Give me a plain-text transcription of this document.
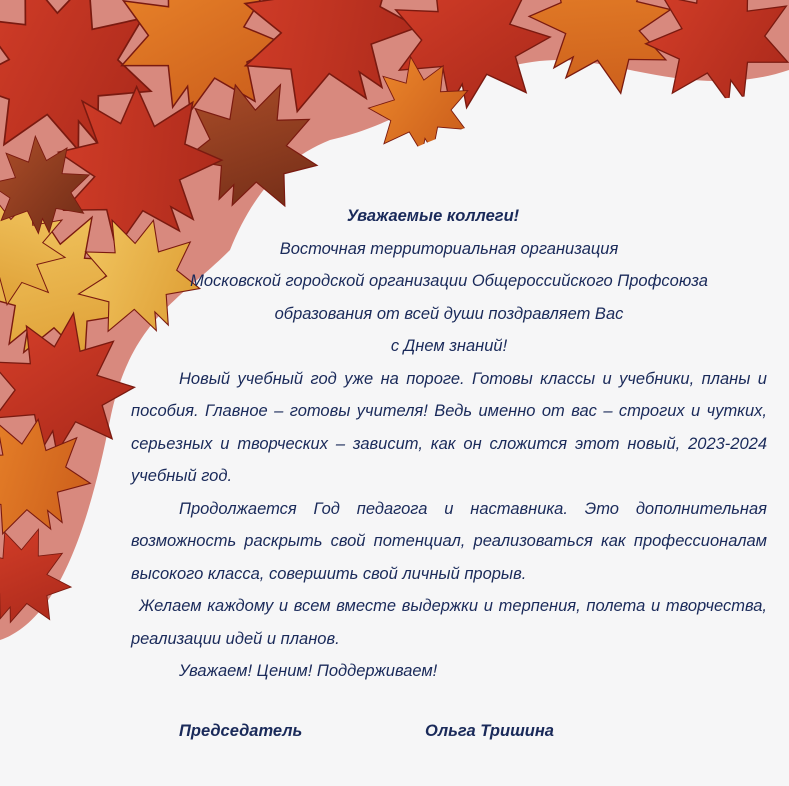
Уважаемые коллеги!

Восточная территориальная организация

Московской городской организации Общероссийского Профсоюза

образования от всей души поздравляет Вас

с Днем знаний!

Новый учебный год уже на пороге. Готовы классы и учебники, планы и пособия. Главное – готовы учителя! Ведь именно от вас – строгих и чутких, серьезных и творческих – зависит, как он сложится этот новый, 2023-2024 учебный год.

Продолжается Год педагога и наставника. Это дополнительная возможность раскрыть свой потенциал, реализоваться как профессионалам высокого класса, совершить свой личный прорыв.

Желаем каждому и всем вместе выдержки и терпения, полета и творчества, реализации идей и планов.

Уважаем! Ценим! Поддерживаем!

Председатель	Ольга Тришина
